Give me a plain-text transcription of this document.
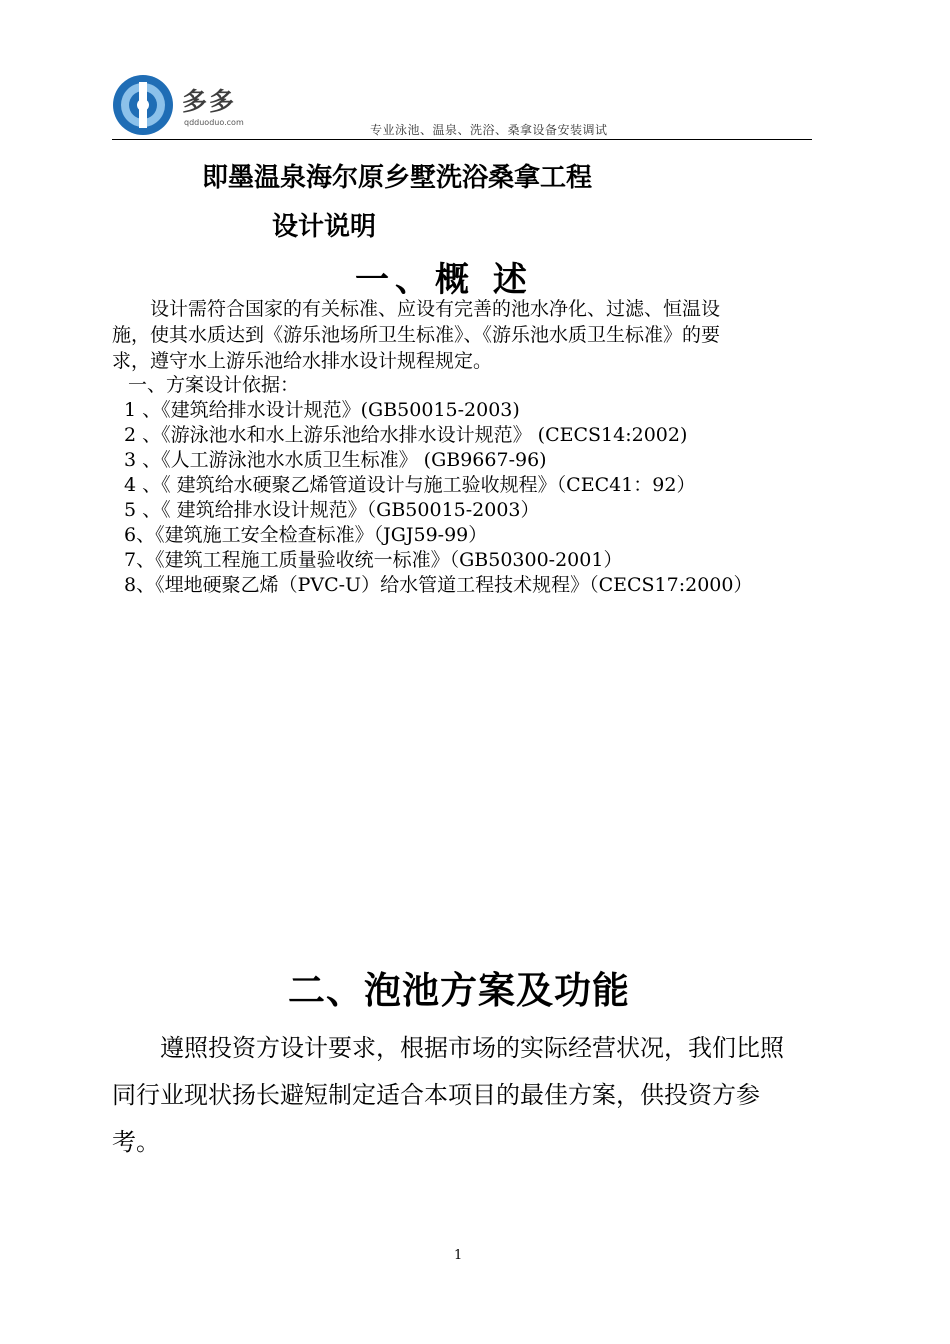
多多
qdduoduo.com
专业泳池、温泉、洗浴、桑拿设备安装调试
即墨温泉海尔原乡墅洗浴桑拿工程
设计说明
一、概 述
　　设计需符合国家的有关标准、应设有完善的池水净化、过滤、恒温设
施，使其水质达到《游乐池场所卫生标准》、《游乐池水质卫生标准》的要
求，遵守水上游乐池给水排水设计规程规定。
一、方案设计依据：
1 、《建筑给排水设计规范》(GB50015-2003)
2 、《游泳池水和水上游乐池给水排水设计规范》 (CECS14:2002)
3 、《人工游泳池水水质卫生标准》 (GB9667-96)
4 、《 建筑给水硬聚乙烯管道设计与施工验收规程》（CEC41：92）
5 、《 建筑给排水设计规范》（GB50015-2003）
6、《建筑施工安全检查标准》（JGJ59-99）
7、《建筑工程施工质量验收统一标准》（GB50300-2001）
8、《埋地硬聚乙烯（PVC-U）给水管道工程技术规程》（CECS17:2000）
二、泡池方案及功能
　　遵照投资方设计要求，根据市场的实际经营状况，我们比照
同行业现状扬长避短制定适合本项目的最佳方案，供投资方参
考。
1
